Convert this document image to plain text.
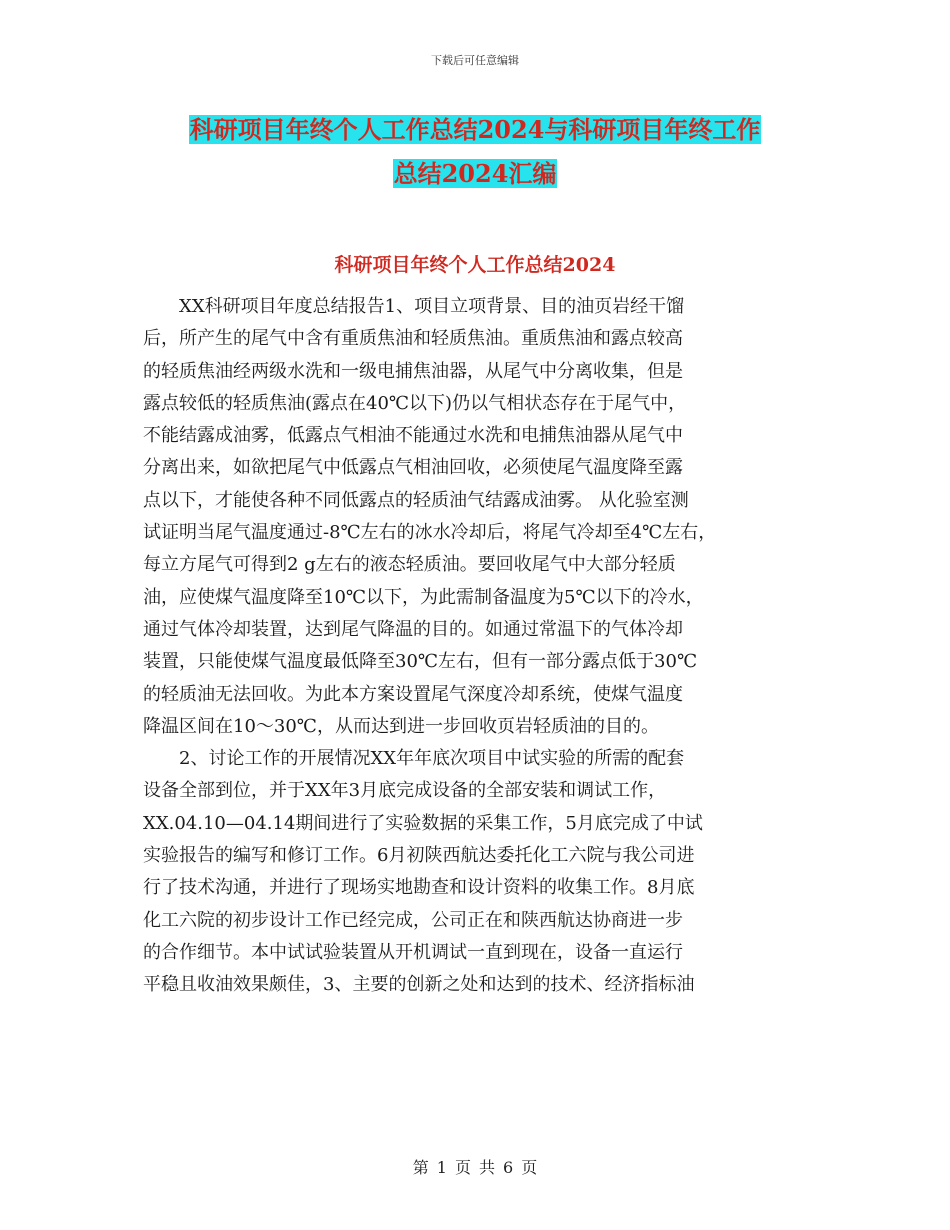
下载后可任意编辑
科研项目年终个人工作总结2024与科研项目年终工作
总结2024汇编
科研项目年终个人工作总结2024
　　XX科研项目年度总结报告1、项目立项背景、目的油页岩经干馏
后，所产生的尾气中含有重质焦油和轻质焦油。重质焦油和露点较高
的轻质焦油经两级水洗和一级电捕焦油器，从尾气中分离收集，但是
露点较低的轻质焦油(露点在40℃以下)仍以气相状态存在于尾气中，
不能结露成油雾，低露点气相油不能通过水洗和电捕焦油器从尾气中
分离出来，如欲把尾气中低露点气相油回收，必须使尾气温度降至露
点以下，才能使各种不同低露点的轻质油气结露成油雾。 从化验室测
试证明当尾气温度通过-8℃左右的冰水冷却后，将尾气冷却至4℃左右，
每立方尾气可得到2 g左右的液态轻质油。要回收尾气中大部分轻质
油，应使煤气温度降至10℃以下，为此需制备温度为5℃以下的冷水，
通过气体冷却装置，达到尾气降温的目的。如通过常温下的气体冷却
装置，只能使煤气温度最低降至30℃左右，但有一部分露点低于30℃
的轻质油无法回收。为此本方案设置尾气深度冷却系统，使煤气温度
降温区间在10～30℃，从而达到进一步回收页岩轻质油的目的。
　　2、讨论工作的开展情况XX年年底次项目中试实验的所需的配套
设备全部到位，并于XX年3月底完成设备的全部安装和调试工作，
XX.04.10—04.14期间进行了实验数据的采集工作，5月底完成了中试
实验报告的编写和修订工作。6月初陕西航达委托化工六院与我公司进
行了技术沟通，并进行了现场实地勘查和设计资料的收集工作。8月底
化工六院的初步设计工作已经完成，公司正在和陕西航达协商进一步
的合作细节。本中试试验装置从开机调试一直到现在，设备一直运行
平稳且收油效果颇佳，3、主要的创新之处和达到的技术、经济指标油
第 1 页 共 6 页
